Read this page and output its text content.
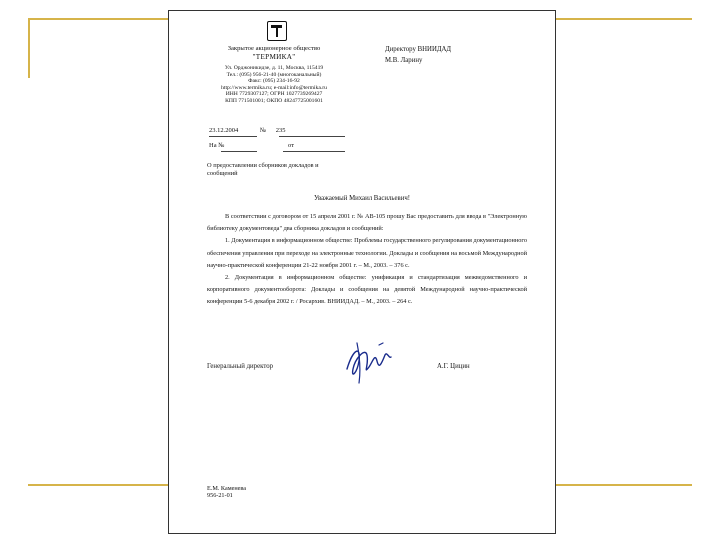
Закрытое акционерное общество
"ТЕРМИКА"
Ул. Орджоникидзе, д. 11, Москва, 115419
Тел.: (095) 956-21-40 (многоканальный)
Факс: (095) 234-16-92
http://www.termika.ru; e-mail:info@termika.ru
ИНН 7729307127; ОГРН 1027739269427
КПП 771501001; ОКПО 48247725001601
Директору ВНИИДАД
М.В. Ларину
23.12.2004	№ 235
На №	от
О предоставлении сборников докладов и
сообщений
Уважаемый Михаил Васильевич!

В соответствии с договором от 15 апреля 2001 г. № АВ-105 прошу Вас предоставить для ввода в "Электронную библиотеку документоведа" два сборника докладов и сообщений:

1. Документация в информационном обществе: Проблемы государственного регулирования документационного обеспечения управления при переходе на электронные технологии. Доклады и сообщения на восьмой Международной научно-практической конференции 21-22 ноября 2001 г. – М., 2003. – 376 с.

2. Документация в информационном обществе: унификация и стандартизация межведомственного и корпоративного документооборота: Доклады и сообщения на девятой Международной научно-практической конференции 5-6 декабря 2002 г. / Росархив. ВНИИДАД. – М., 2003. – 264 с.

Генеральный директор	А.Г. Цицин
Е.М. Каменева
956-21-01
